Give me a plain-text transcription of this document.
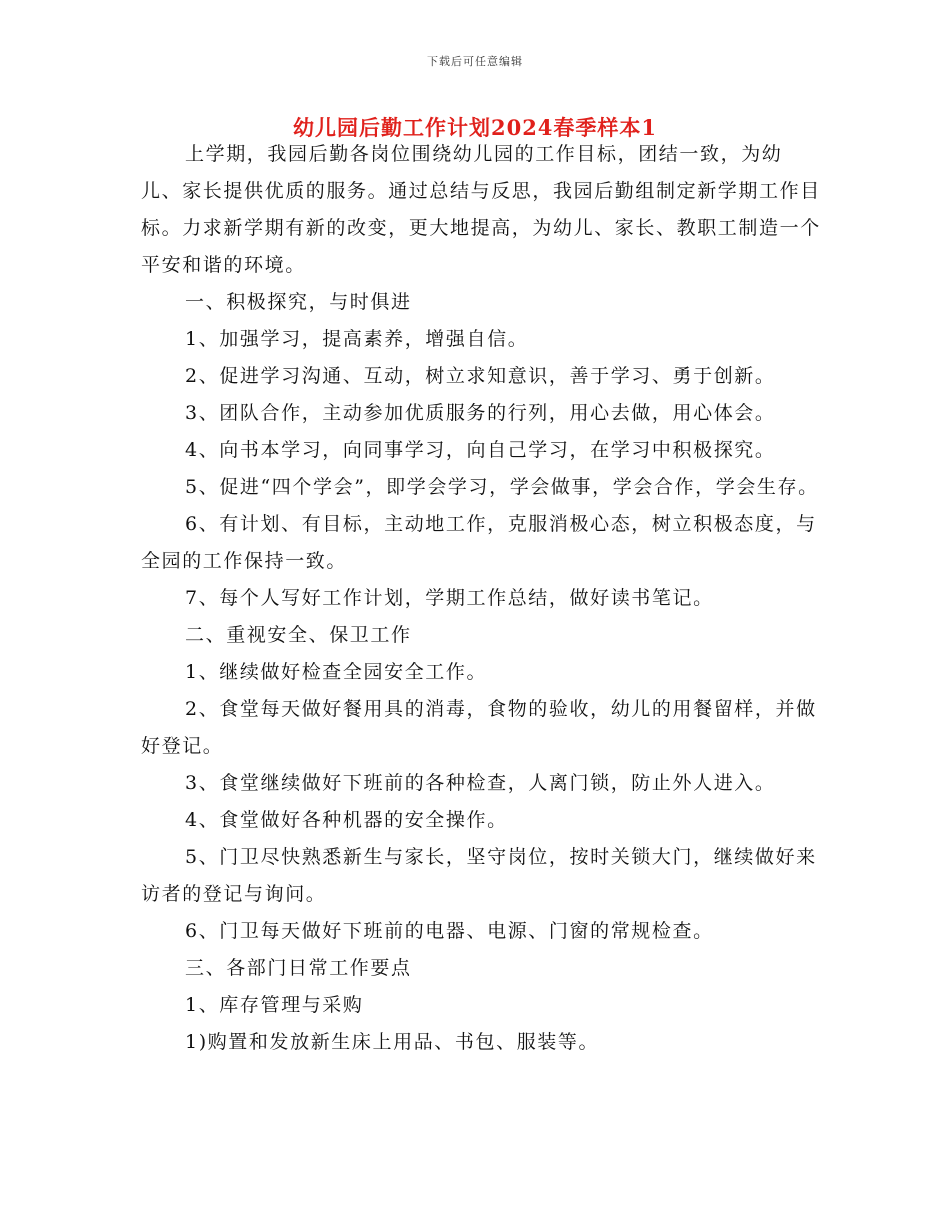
下载后可任意编辑
幼儿园后勤工作计划2024春季样本1

上学期，我园后勤各岗位围绕幼儿园的工作目标，团结一致，为幼儿、家长提供优质的服务。通过总结与反思，我园后勤组制定新学期工作目标。力求新学期有新的改变，更大地提高，为幼儿、家长、教职工制造一个平安和谐的环境。

一、积极探究，与时俱进

1、加强学习，提高素养，增强自信。

2、促进学习沟通、互动，树立求知意识，善于学习、勇于创新。

3、团队合作，主动参加优质服务的行列，用心去做，用心体会。

4、向书本学习，向同事学习，向自己学习，在学习中积极探究。

5、促进“四个学会”，即学会学习，学会做事，学会合作，学会生存。

6、有计划、有目标，主动地工作，克服消极心态，树立积极态度，与全园的工作保持一致。

7、每个人写好工作计划，学期工作总结，做好读书笔记。

二、重视安全、保卫工作

1、继续做好检查全园安全工作。

2、食堂每天做好餐用具的消毒，食物的验收，幼儿的用餐留样，并做好登记。

3、食堂继续做好下班前的各种检查，人离门锁，防止外人进入。

4、食堂做好各种机器的安全操作。

5、门卫尽快熟悉新生与家长，坚守岗位，按时关锁大门，继续做好来访者的登记与询问。

6、门卫每天做好下班前的电器、电源、门窗的常规检查。

三、各部门日常工作要点

1、库存管理与采购

1)购置和发放新生床上用品、书包、服装等。
